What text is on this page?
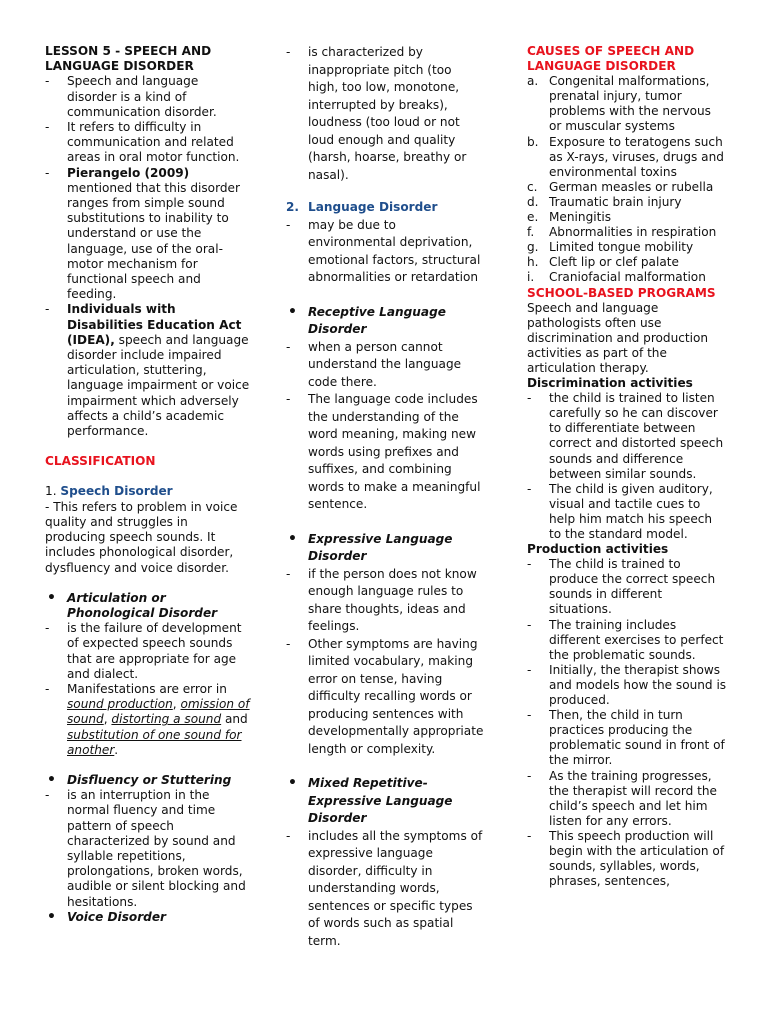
LESSON 5 - SPEECH AND
LANGUAGE DISORDER
- Speech and language disorder is a kind of communication disorder.
- It refers to difficulty in communication and related areas in oral motor function.
- Pierangelo (2009) mentioned that this disorder ranges from simple sound substitutions to inability to understand or use the language, use of the oral-motor mechanism for functional speech and feeding.
- Individuals with Disabilities Education Act (IDEA), speech and language disorder include impaired articulation, stuttering, language impairment or voice impairment which adversely affects a child’s academic performance.
CLASSIFICATION
1. Speech Disorder
- This refers to problem in voice quality and struggles in producing speech sounds. It includes phonological disorder, dysfluency and voice disorder.
• Articulation or Phonological Disorder
- is the failure of development of expected speech sounds that are appropriate for age and dialect.
- Manifestations are error in sound production, omission of sound, distorting a sound and substitution of one sound for another.
• Disfluency or Stuttering
- is an interruption in the normal fluency and time pattern of speech characterized by sound and syllable repetitions, prolongations, broken words, audible or silent blocking and hesitations.
• Voice Disorder
- is characterized by inappropriate pitch (too high, too low, monotone, interrupted by breaks), loudness (too loud or not loud enough and quality (harsh, hoarse, breathy or nasal).
2. Language Disorder
- may be due to environmental deprivation, emotional factors, structural abnormalities or retardation
• Receptive Language Disorder
- when a person cannot understand the language code there.
- The language code includes the understanding of the word meaning, making new words using prefixes and suffixes, and combining words to make a meaningful sentence.
• Expressive Language Disorder
- if the person does not know enough language rules to share thoughts, ideas and feelings.
- Other symptoms are having limited vocabulary, making error on tense, having difficulty recalling words or producing sentences with developmentally appropriate length or complexity.
• Mixed Repetitive-Expressive Language Disorder
- includes all the symptoms of expressive language disorder, difficulty in understanding words, sentences or specific types of words such as spatial term.
CAUSES OF SPEECH AND LANGUAGE DISORDER
a. Congenital malformations, prenatal injury, tumor problems with the nervous or muscular systems
b. Exposure to teratogens such as X-rays, viruses, drugs and environmental toxins
c. German measles or rubella
d. Traumatic brain injury
e. Meningitis
f. Abnormalities in respiration
g. Limited tongue mobility
h. Cleft lip or clef palate
i. Craniofacial malformation
SCHOOL-BASED PROGRAMS
Speech and language pathologists often use discrimination and production activities as part of the articulation therapy.
Discrimination activities
- the child is trained to listen carefully so he can discover to differentiate between correct and distorted speech sounds and difference between similar sounds.
- The child is given auditory, visual and tactile cues to help him match his speech to the standard model.
Production activities
- The child is trained to produce the correct speech sounds in different situations.
- The training includes different exercises to perfect the problematic sounds.
- Initially, the therapist shows and models how the sound is produced.
- Then, the child in turn practices producing the problematic sound in front of the mirror.
- As the training progresses, the therapist will record the child’s speech and let him listen for any errors.
- This speech production will begin with the articulation of sounds, syllables, words, phrases, sentences,
